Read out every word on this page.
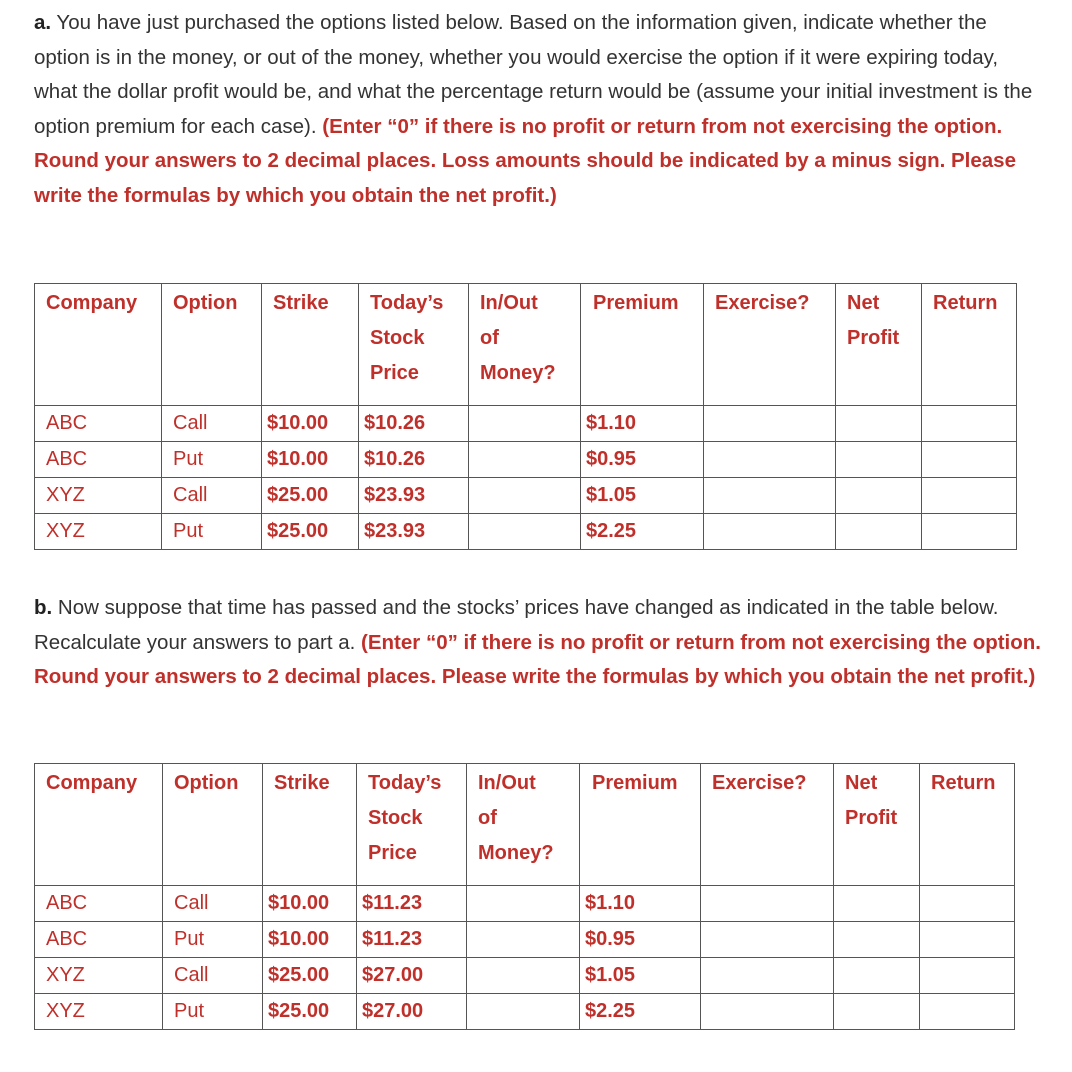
a. You have just purchased the options listed below. Based on the information given, indicate whether the option is in the money, or out of the money, whether you would exercise the option if it were expiring today, what the dollar profit would be, and what the percentage return would be (assume your initial investment is the option premium for each case). (Enter “0” if there is no profit or return from not exercising the option. Round your answers to 2 decimal places. Loss amounts should be indicated by a minus sign. Please write the formulas by which you obtain the net profit.)

Company	Option	Strike	Today’s
Stock
Price	In/Out
of
Money?	Premium	Exercise?	Net
Profit	Return
ABC	Call	$10.00	$10.26		$1.10			
ABC	Put	$10.00	$10.26		$0.95			
XYZ	Call	$25.00	$23.93		$1.05			
XYZ	Put	$25.00	$23.93		$2.25			

b. Now suppose that time has passed and the stocks’ prices have changed as indicated in the table below. Recalculate your answers to part a. (Enter “0” if there is no profit or return from not exercising the option. Round your answers to 2 decimal places. Please write the formulas by which you obtain the net profit.)

Company	Option	Strike	Today’s
Stock
Price	In/Out
of
Money?	Premium	Exercise?	Net
Profit	Return
ABC	Call	$10.00	$11.23		$1.10			
ABC	Put	$10.00	$11.23		$0.95			
XYZ	Call	$25.00	$27.00		$1.05			
XYZ	Put	$25.00	$27.00		$2.25			
